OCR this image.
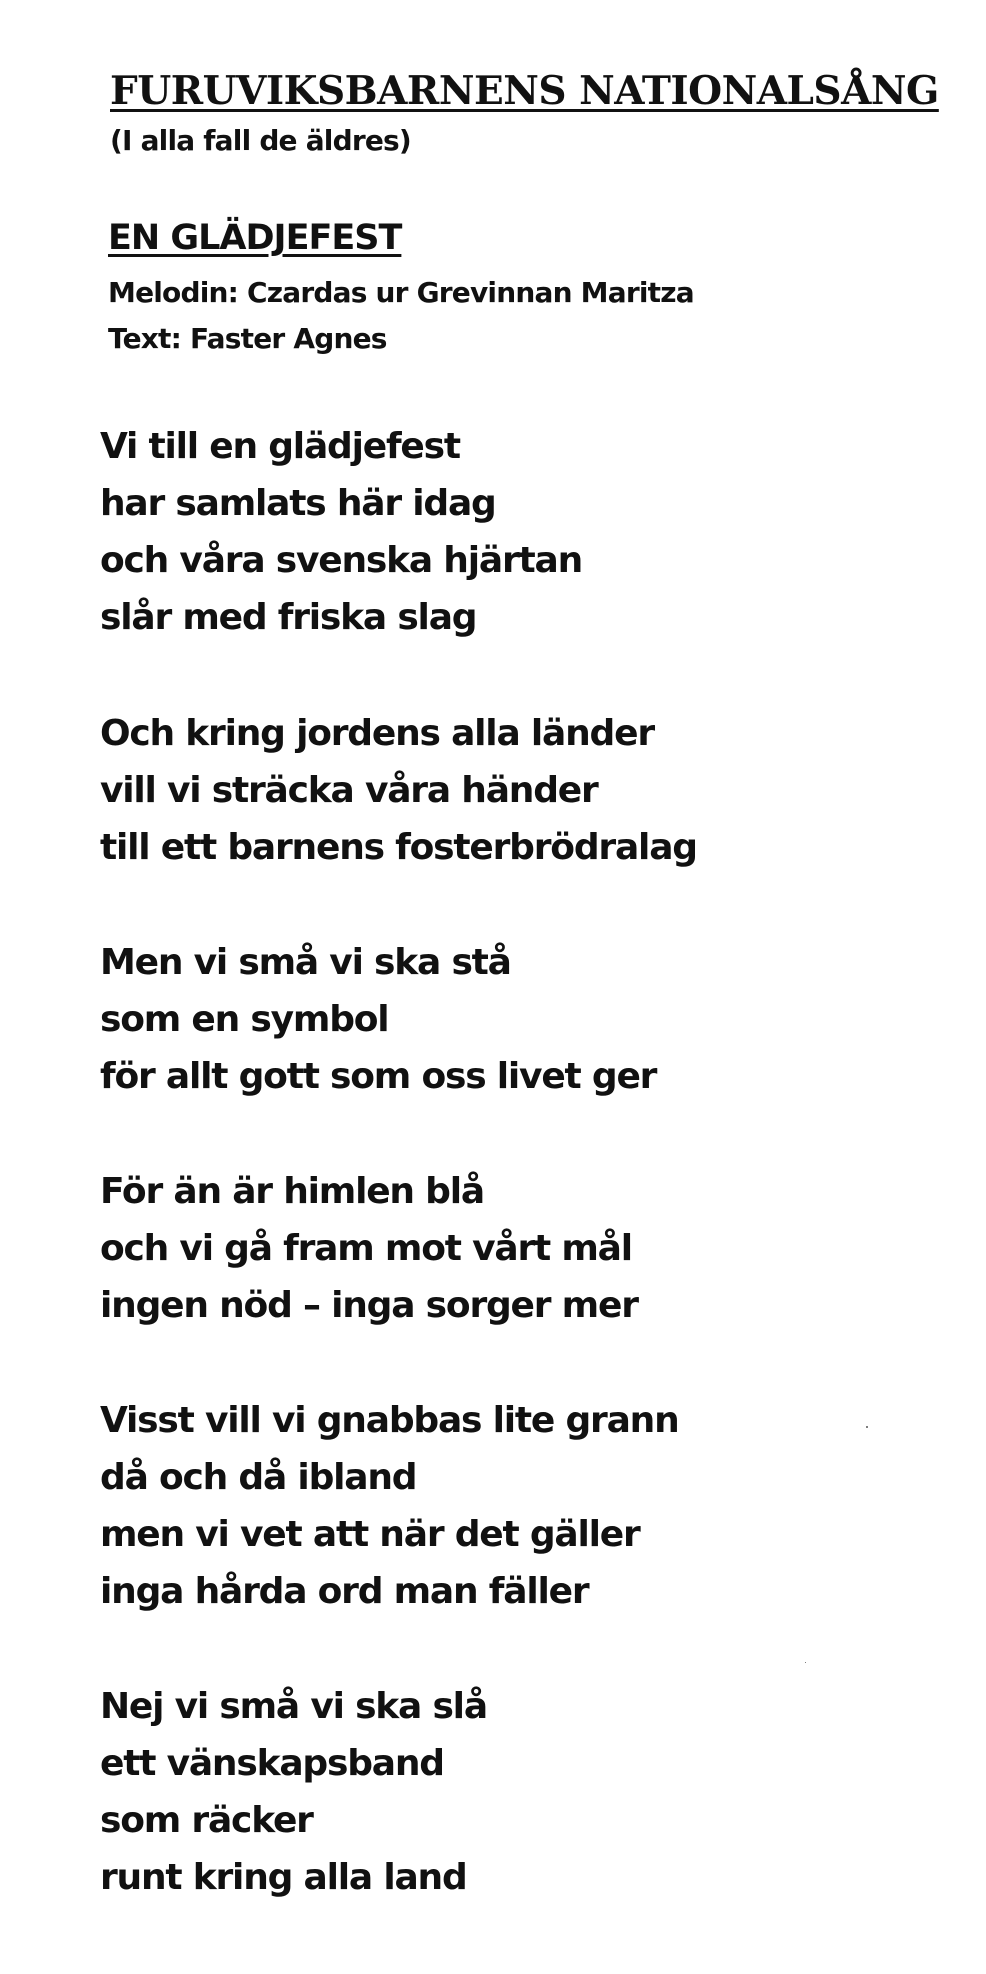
FURUVIKSBARNENS NATIONALSÅNG
(I alla fall de äldres)
EN GLÄDJEFEST
Melodin: Czardas ur Grevinnan Maritza
Text: Faster Agnes
Vi till en glädjefest
har samlats här idag
och våra svenska hjärtan
slår med friska slag
Och kring jordens alla länder
vill vi sträcka våra händer
till ett barnens fosterbrödralag
Men vi små vi ska stå
som en symbol
för allt gott som oss livet ger
För än är himlen blå
och vi gå fram mot vårt mål
ingen nöd – inga sorger mer
Visst vill vi gnabbas lite grann
då och då ibland
men vi vet att när det gäller
inga hårda ord man fäller
Nej vi små vi ska slå
ett vänskapsband
som räcker
runt kring alla land
